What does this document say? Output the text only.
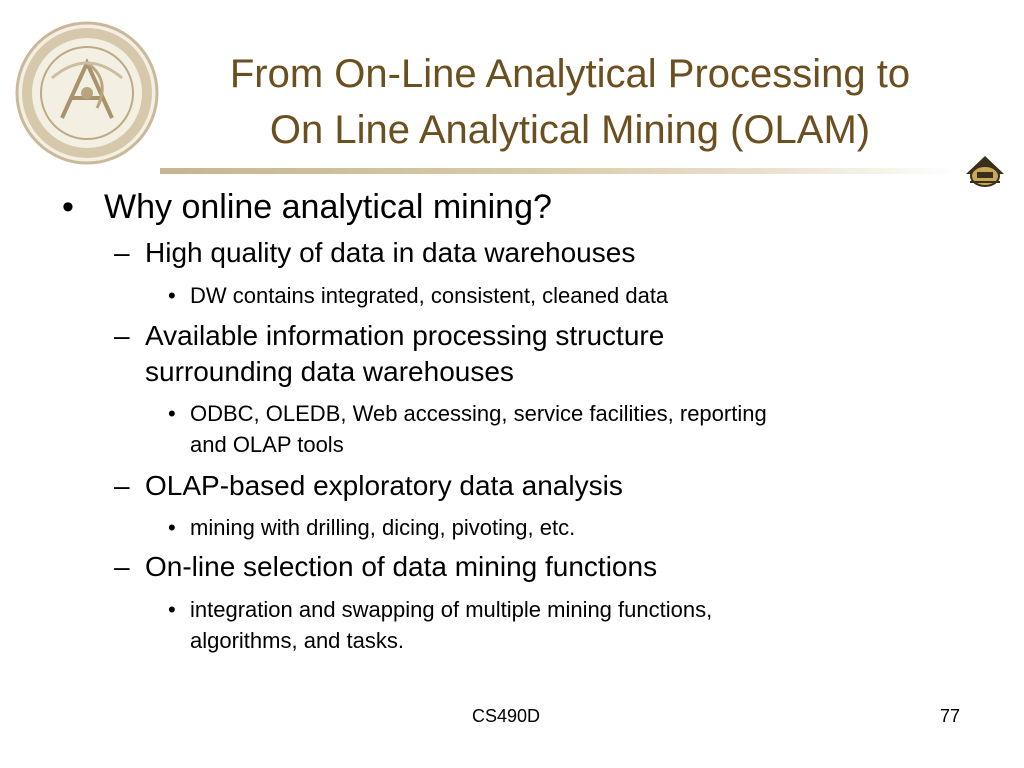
From On-Line Analytical Processing to
On Line Analytical Mining (OLAM)
• Why online analytical mining?
– High quality of data in data warehouses
• DW contains integrated, consistent, cleaned data
– Available information processing structure
surrounding data warehouses
• ODBC, OLEDB, Web accessing, service facilities, reporting
and OLAP tools
– OLAP-based exploratory data analysis
• mining with drilling, dicing, pivoting, etc.
– On-line selection of data mining functions
• integration and swapping of multiple mining functions,
algorithms, and tasks.
CS490D	77
